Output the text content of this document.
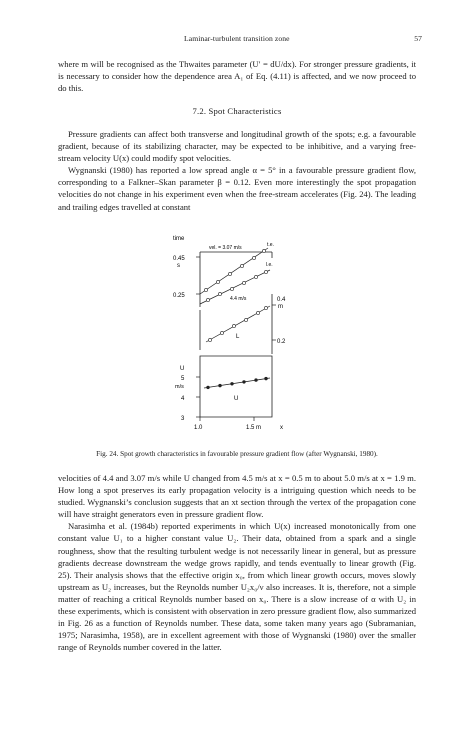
Laminar-turbulent transition zone	57

where m will be recognised as the Thwaites parameter (U′ = dU/dx). For stronger pressure gradients, it is necessary to consider how the dependence area A₁ of Eq. (4.11) is affected, and we now proceed to do this.

7.2. Spot Characteristics

Pressure gradients can affect both transverse and longitudinal growth of the spots; e.g. a favourable gradient, because of its stabilizing character, may be expected to be inhibitive, and a varying free-stream velocity U(x) could modify spot velocities.

Wygnanski (1980) has reported a low spread angle α = 5° in a favourable pressure gradient flow, corresponding to a Falkner–Skan parameter β = 0.12. Even more interestingly the spot propagation velocities do not change in his experiment even when the free-stream accelerates (Fig. 24). The leading and trailing edges travelled at constant

time
0.45
s
0.25
vel. = 3.07 m/s	t.e.
l.e.
4.4 m/s	0.4
m
0.2
L
U
5
m/s
4
3
U
1.0	1.5 m	x
Fig. 24. Spot growth characteristics in favourable pressure gradient flow (after Wygnanski, 1980).

velocities of 4.4 and 3.07 m/s while U changed from 4.5 m/s at x = 0.5 m to about 5.0 m/s at x = 1.9 m. How long a spot preserves its early propagation velocity is a intriguing question which needs to be studied. Wygnanski’s conclusion suggests that an xt section through the vertex of the propagation cone will have straight generators even in pressure gradient flow.

Narasimha et al. (1984b) reported experiments in which U(x) increased monotonically from one constant value U₁ to a higher constant value U₂. Their data, obtained from a spark and a single roughness, show that the resulting turbulent wedge is not necessarily linear in general, but as pressure gradients decrease downstream the wedge grows rapidly, and tends eventually to linear growth (Fig. 25). Their analysis shows that the effective origin x₀, from which linear growth occurs, moves slowly upstream as U₂ increases, but the Reynolds number U₂x₀/ν also increases. It is, therefore, not a simple matter of reaching a critical Reynolds number based on x₀. There is a slow increase of α with U₂ in these experiments, which is consistent with observation in zero pressure gradient flow, also summarized in Fig. 26 as a function of Reynolds number. These data, some taken many years ago (Subramanian, 1975; Narasimha, 1958), are in excellent agreement with those of Wygnanski (1980) over the smaller range of Reynolds number covered in the latter.
